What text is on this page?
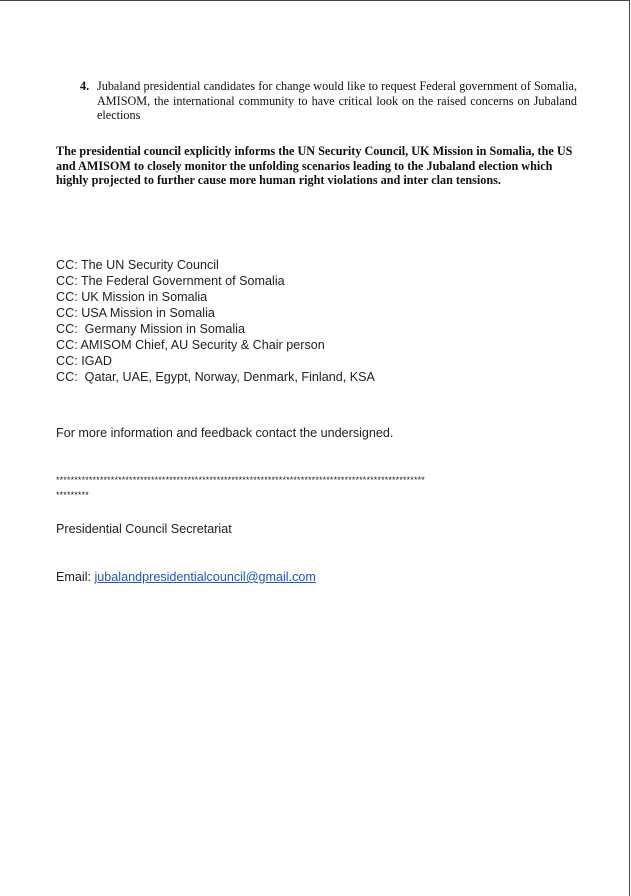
4. Jubaland presidential candidates for change would like to request Federal government of Somalia, AMISOM, the international community to have critical look on the raised concerns on Jubaland elections
The presidential council explicitly informs the UN Security Council, UK Mission in Somalia, the US and AMISOM to closely monitor the unfolding scenarios leading to the Jubaland election which highly projected to further cause more human right violations and inter clan tensions.
CC: The UN Security Council
CC: The Federal Government of Somalia
CC: UK Mission in Somalia
CC: USA Mission in Somalia
CC:  Germany Mission in Somalia
CC: AMISOM Chief, AU Security & Chair person
CC: IGAD
CC:  Qatar, UAE, Egypt, Norway, Denmark, Finland, KSA
For more information and feedback contact the undersigned.
*****************************************************************************************************
*********
Presidential Council Secretariat
Email: jubalandpresidentialcouncil@gmail.com
